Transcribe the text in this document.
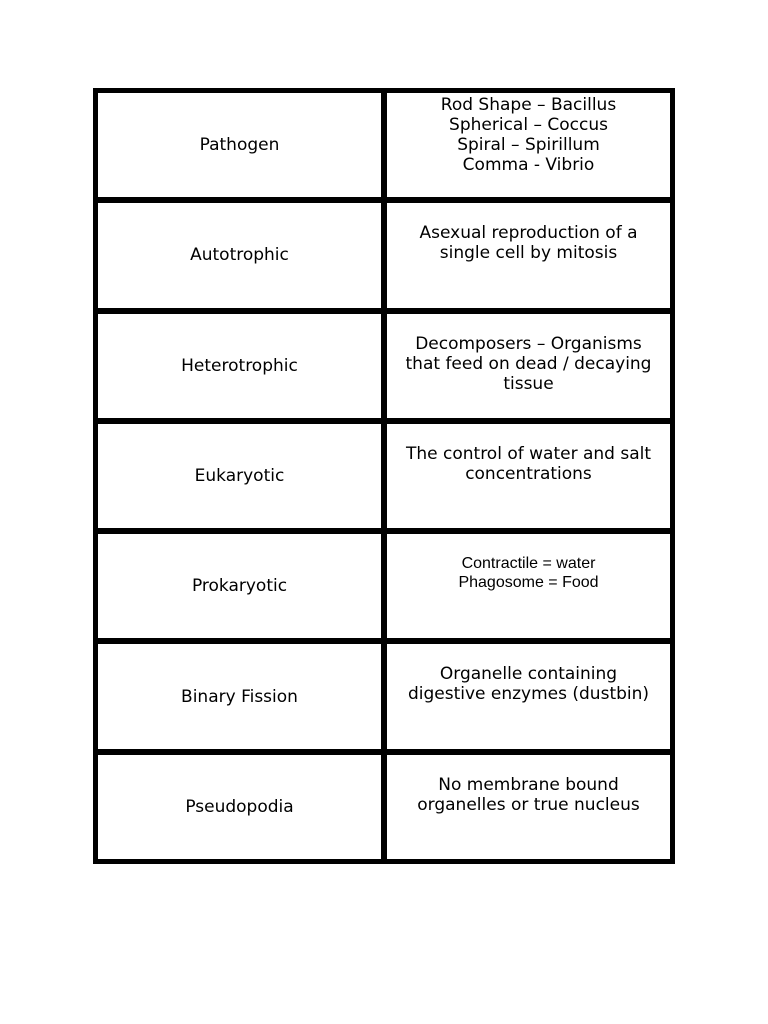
Pathogen
Rod Shape – Bacillus
Spherical – Coccus
Spiral – Spirillum
Comma - Vibrio
Autotrophic
Asexual reproduction of a
single cell by mitosis
Heterotrophic
Decomposers – Organisms
that feed on dead / decaying
tissue
Eukaryotic
The control of water and salt
concentrations
Prokaryotic
Contractile = water
Phagosome = Food
Binary Fission
Organelle containing
digestive enzymes (dustbin)
Pseudopodia
No membrane bound
organelles or true nucleus
